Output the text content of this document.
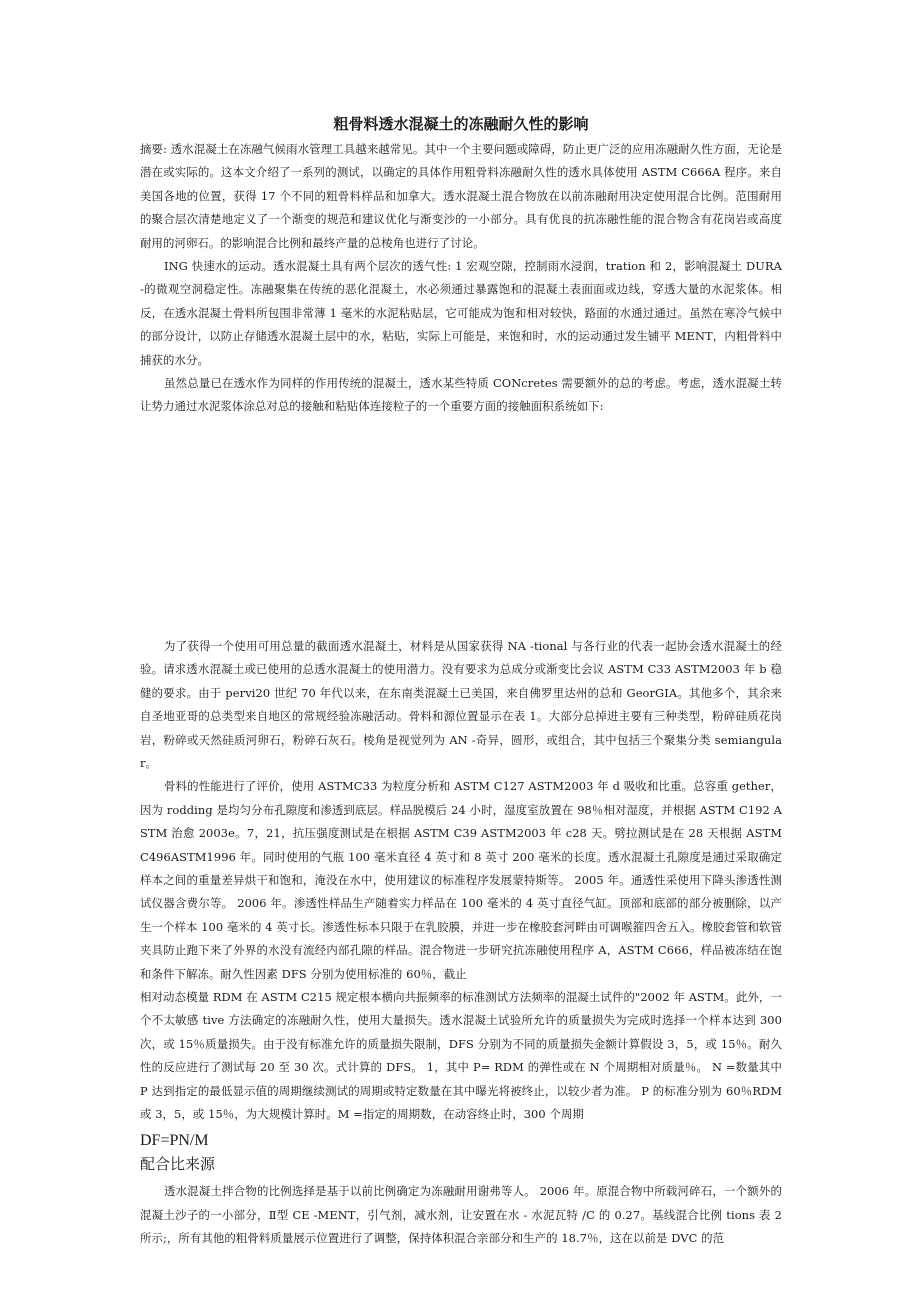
粗骨料透水混凝土的冻融耐久性的影响

摘要: 透水混凝土在冻融气候雨水管理工具越来越常见。其中一个主要问题或障碍，防止更广泛的应用冻融耐久性方面，无论是潜在或实际的。这本文介绍了一系列的测试，以确定的具体作用粗骨料冻融耐久性的透水具体使用 ASTM C666A 程序。来自美国各地的位置，获得 17 个不同的粗骨料样品和加拿大。透水混凝土混合物放在以前冻融耐用决定使用混合比例。范围耐用的聚合层次清楚地定义了一个渐变的规范和建议优化与渐变沙的一小部分。具有优良的抗冻融性能的混合物含有花岗岩或高度耐用的河卵石。的影响混合比例和最终产量的总棱角也进行了讨论。

ING 快速水的运动。透水混凝土具有两个层次的透气性: 1 宏观空隙，控制雨水浸润，tration 和 2，影响混凝土 DURA -的微观空洞稳定性。冻融聚集在传统的恶化混凝土，水必须通过暴露饱和的混凝土表面面或边线，穿透大量的水泥浆体。相反，在透水混凝土骨料所包围非常薄 1 毫米的水泥粘贴层，它可能成为饱和相对较快，路面的水通过通过。虽然在寒冷气候中的部分设计，以防止存储透水混凝土层中的水，粘贴，实际上可能是，来饱和时，水的运动通过发生铺平 MENT，内粗骨料中捕获的水分。

虽然总量已在透水作为同样的作用传统的混凝土，透水某些特质 CONcretes 需要额外的总的考虑。考虑，透水混凝土转让势力通过水泥浆体涂总对总的接触和粘贴体连接粒子的一个重要方面的接触面积系统如下:

为了获得一个使用可用总量的截面透水混凝土，材料是从国家获得 NA -tional 与各行业的代表一起协会透水混凝土的经验。请求透水混凝土或已使用的总透水混凝土的使用潜力。没有要求为总成分或渐变比会议 ASTM C33 ASTM2003 年 b 稳健的要求。由于 pervi20 世纪 70 年代以来，在东南类混凝土已美国，来自佛罗里达州的总和 GeorGIA。其他多个，其余来自圣地亚哥的总类型来自地区的常规经验冻融活动。骨料和源位置显示在表 1。大部分总掉进主要有三种类型，粉碎硅质花岗岩，粉碎或天然硅质河卵石，粉碎石灰石。棱角是视觉列为 AN -奇异，圆形，或组合，其中包括三个聚集分类 semiangular。

骨料的性能进行了评价，使用 ASTMC33 为粒度分析和 ASTM C127 ASTM2003 年 d 吸收和比重。总容重 gether，因为 rodding 是均匀分布孔隙度和渗透到底层。样品脱模后 24 小时，湿度室放置在 98％相对湿度，并根据 ASTM C192 ASTM 治愈 2003e。7，21，抗压强度测试是在根据 ASTM C39 ASTM2003 年 c28 天。劈拉测试是在 28 天根据 ASTM C496ASTM1996 年。同时使用的气瓶 100 毫米直径 4 英寸和 8 英寸 200 毫米的长度。透水混凝土孔隙度是通过采取确定样本之间的重量差异烘干和饱和，淹没在水中，使用建议的标准程序发展蒙特斯等。 2005 年。通透性采使用下降头渗透性测试仪器含费尔等。 2006 年。渗透性样品生产随着实力样品在 100 毫米的 4 英寸直径气缸。顶部和底部的部分被删除，以产生一个样本 100 毫米的 4 英寸长。渗透性标本只限于在乳胶膜，并进一步在橡胶套河畔由可调喉箍四舍五入。橡胶套管和软管夹具防止跑下来了外界的水没有流经内部孔隙的样品。混合物进一步研究抗冻融使用程序 A，ASTM C666，样品被冻结在饱和条件下解冻。耐久性因素 DFS 分别为使用标准的 60％，截止

相对动态模量 RDM 在 ASTM C215 规定根本横向共振频率的标准测试方法频率的混凝土试件的"2002 年 ASTM。此外，一个不太敏感 tive 方法确定的冻融耐久性，使用大量损失。透水混凝土试验所允许的质量损失为完成时选择一个样本达到 300 次，或 15％质量损失。由于没有标准允许的质量损失限制，DFS 分别为不同的质量损失金额计算假设 3，5，或 15％。耐久性的反应进行了测试每 20 至 30 次。式计算的 DFS。 1，其中 P= RDM 的弹性或在 N 个周期相对质量％。 N =数量其中 P 达到指定的最低显示值的周期继续测试的周期或特定数量在其中曝光将被终止，以较少者为准。 P 的标准分别为 60％RDM 或 3，5，或 15％，为大规模计算时。M =指定的周期数，在动容终止时，300 个周期

DF=PN/M
配合比来源

透水混凝土拌合物的比例选择是基于以前比例确定为冻融耐用谢弗等人。 2006 年。原混合物中所载河碎石，一个额外的混凝土沙子的一小部分，Ⅱ型 CE -MENT，引气剂，减水剂，让安置在水 - 水泥瓦特 /C 的 0.27。基线混合比例 tions 表 2 所示;，所有其他的粗骨料质量展示位置进行了调整，保持体积混合亲部分和生产的 18.7％，这在以前是 DVC 的范
